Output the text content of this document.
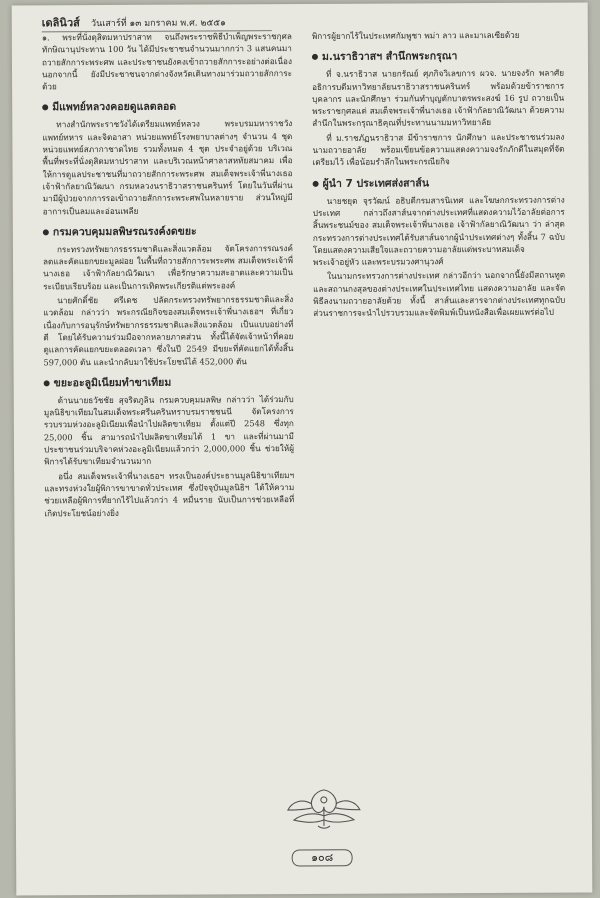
เดลินิวส์ วันเสาร์ที่ ๑๓ มกราคม พ.ศ. ๒๕๕๑

๑. พระที่นั่งดุสิตมหาปราสาท จนถึงพระราชพิธีบำเพ็ญพระราชกุศลทักษิณานุประทาน 100 วัน ได้มีประชาชนจำนวนมากกว่า 3 แสนคนมาถวายสักการะพระศพ และประชาชนยังคงเข้าถวายสักการะอย่างต่อเนื่อง นอกจากนี้ ยังมีประชาชนจากต่างจังหวัดเดินทางมาร่วมถวายสักการะด้วย

มีแพทย์หลวงคอยดูแลตลอด

ทางสำนักพระราชวังได้เตรียมแพทย์หลวง พระบรมมหาราชวัง แพทย์ทหาร และจิตอาสา หน่วยแพทย์โรงพยาบาลต่างๆ จำนวน 4 ชุด หน่วยแพทย์สภากาชาดไทย รวมทั้งหมด 4 ชุด ประจำอยู่ด้วย บริเวณพื้นที่พระที่นั่งดุสิตมหาปราสาท และบริเวณหน้าศาลาสหทัยสมาคม เพื่อให้การดูแลประชาชนที่มาถวายสักการะพระศพ สมเด็จพระเจ้าพี่นางเธอ เจ้าฟ้ากัลยาณิวัฒนา กรมหลวงนราธิวาสราชนครินทร์ โดยในวันที่ผ่านมามีผู้ป่วยจากการรอเข้าถวายสักการะพระศพในหลายราย ส่วนใหญ่มีอาการเป็นลมและอ่อนเพลีย

กรมควบคุมมลพิษรณรงค์งดขยะ

กระทรวงทรัพยากรธรรมชาติและสิ่งแวดล้อม จัดโครงการรณรงค์ลดและคัดแยกขยะมูลฝอย ในพื้นที่ถวายสักการะพระศพ สมเด็จพระเจ้าพี่นางเธอ เจ้าฟ้ากัลยาณิวัฒนา เพื่อรักษาความสะอาดและความเป็นระเบียบเรียบร้อย และเป็นการเทิดพระเกียรติแด่พระองค์

นายศักดิ์ชัย ศรีเดช ปลัดกระทรวงทรัพยากรธรรมชาติและสิ่งแวดล้อม กล่าวว่า พระกรณียกิจของสมเด็จพระเจ้าพี่นางเธอฯ ที่เกี่ยวเนื่องกับการอนุรักษ์ทรัพยากรธรรมชาติและสิ่งแวดล้อม เป็นแบบอย่างที่ดี โดยได้รับความร่วมมือจากหลายภาคส่วน ทั้งนี้ได้จัดเจ้าหน้าที่คอยดูแลการคัดแยกขยะตลอดเวลา ซึ่งในปี 2549 มีขยะที่คัดแยกได้ทั้งสิ้น 597,000 ตัน และนำกลับมาใช้ประโยชน์ได้ 452,000 ตัน

ขยะอะลูมิเนียมทำขาเทียม

ด้านนายธวัชชัย สุจริตภูลิน กรมควบคุมมลพิษ กล่าวว่า ได้ร่วมกับมูลนิธิขาเทียมในสมเด็จพระศรีนครินทราบรมราชชนนี จัดโครงการรวบรวมห่วงอะลูมิเนียมเพื่อนำไปผลิตขาเทียม ตั้งแต่ปี 2548 ซึ่งทุก 25,000 ชิ้น สามารถนำไปผลิตขาเทียมได้ 1 ขา และที่ผ่านมามีประชาชนร่วมบริจาคห่วงอะลูมิเนียมแล้วกว่า 2,000,000 ชิ้น ช่วยให้ผู้พิการได้รับขาเทียมจำนวนมาก

อนึ่ง สมเด็จพระเจ้าพี่นางเธอฯ ทรงเป็นองค์ประธานมูลนิธิขาเทียมฯ และทรงห่วงใยผู้พิการขาขาดทั่วประเทศ ซึ่งปัจจุบันมูลนิธิฯ ได้ให้ความช่วยเหลือผู้พิการที่ยากไร้ไปแล้วกว่า 4 หมื่นราย นับเป็นการช่วยเหลือที่เกิดประโยชน์อย่างยิ่ง

พิการผู้ยากไร้ในประเทศกัมพูชา พม่า ลาว และมาเลเซียด้วย

ม.นราธิวาสฯ สำนึกพระกรุณา

ที่ จ.นราธิวาส นายกรัณย์ ศุภกิจวิเลขการ ผวจ. นายจงรัก พลาศัย อธิการบดีมหาวิทยาลัยนราธิวาสราชนครินทร์ พร้อมด้วยข้าราชการ บุคลากร และนักศึกษา ร่วมกันทำบุญตักบาตรพระสงฆ์ 16 รูป ถวายเป็นพระราชกุศลแด่ สมเด็จพระเจ้าพี่นางเธอ เจ้าฟ้ากัลยาณิวัฒนา ด้วยความสำนึกในพระกรุณาธิคุณที่ประทานนามมหาวิทยาลัย

ที่ ม.ราชภัฏนราธิวาส มีข้าราชการ นักศึกษา และประชาชนร่วมลงนามถวายอาลัย พร้อมเขียนข้อความแสดงความจงรักภักดีในสมุดที่จัดเตรียมไว้ เพื่อน้อมรำลึกในพระกรณียกิจ

ผู้นำ 7 ประเทศส่งสาส์น

นายชยุต จุรวัฒน์ อธิบดีกรมสารนิเทศ และโฆษกกระทรวงการต่างประเทศ กล่าวถึงสาส์นจากต่างประเทศที่แสดงความไว้อาลัยต่อการสิ้นพระชนม์ของ สมเด็จพระเจ้าพี่นางเธอ เจ้าฟ้ากัลยาณิวัฒนา ว่า ล่าสุดกระทรวงการต่างประเทศได้รับสาส์นจากผู้นำประเทศต่างๆ ทั้งสิ้น 7 ฉบับ โดยแสดงความเสียใจและถวายความอาลัยแด่พระบาทสมเด็จพระเจ้าอยู่หัว และพระบรมวงศานุวงศ์

ในนามกระทรวงการต่างประเทศ กล่าวอีกว่า นอกจากนี้ยังมีสถานทูตและสถานกงสุลของต่างประเทศในประเทศไทย แสดงความอาลัย และจัดพิธีลงนามถวายอาลัยด้วย ทั้งนี้ สาส์นและสารจากต่างประเทศทุกฉบับ ส่วนราชการจะนำไปรวบรวมและจัดพิมพ์เป็นหนังสือเพื่อเผยแพร่ต่อไป

๑๐๘
